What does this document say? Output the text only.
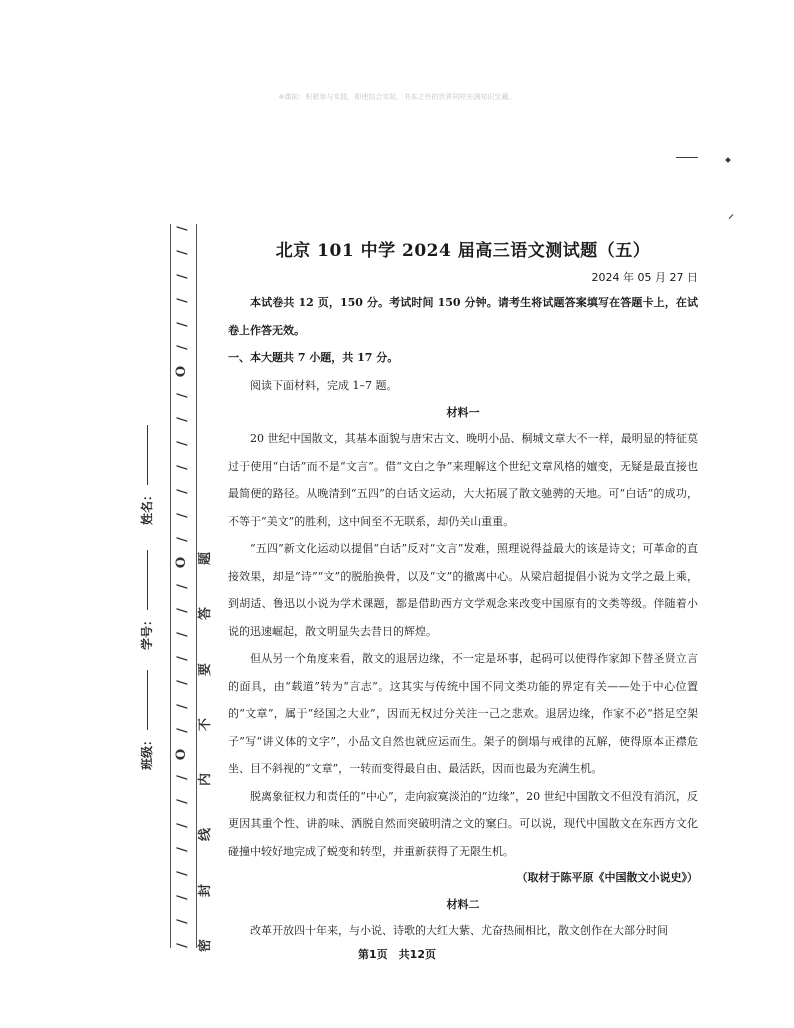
※课前：积极参与实践，即使结合实际，书本之外的世界同样充满知识宝藏。
/
/
/
/
/
/
O
/
/
/
/
/
/
/
O
/
/
/
/
/
/
/
O
/
/
/
/
/
/
/
/
题
答
要
不
内
线
封
密
班级：
学号：
姓名：
北京 101 中学 2024 届高三语文测试题（五）
2024 年 05 月 27 日

本试卷共 12 页，150 分。考试时间 150 分钟。请考生将试题答案填写在答题卡上，在试卷上作答无效。

一、本大题共 7 小题，共 17 分。

阅读下面材料，完成 1–7 题。

材料一

20 世纪中国散文，其基本面貌与唐宋古文、晚明小品、桐城文章大不一样，最明显的特征莫过于使用“白话”而不是“文言”。借“文白之争”来理解这个世纪文章风格的嬗变，无疑是最直接也最简便的路径。从晚清到“五四”的白话文运动，大大拓展了散文驰骋的天地。可“白话”的成功，不等于“美文”的胜利，这中间至不无联系，却仍关山重重。

“五四”新文化运动以提倡“白话”反对“文言”发难，照理说得益最大的该是诗文；可革命的直接效果，却是“诗”“文”的脱胎换骨，以及“文”的撤离中心。从梁启超提倡小说为文学之最上乘，到胡适、鲁迅以小说为学术课题，都是借助西方文学观念来改变中国原有的文类等级。伴随着小说的迅速崛起，散文明显失去昔日的辉煌。

但从另一个角度来看，散文的退居边缘，不一定是坏事，起码可以使得作家卸下替圣贤立言的面具，由“载道”转为“言志”。这其实与传统中国不同文类功能的界定有关——处于中心位置的“文章”，属于“经国之大业”，因而无权过分关注一己之悲欢。退居边缘，作家不必“搭足空架子”写“讲义体的文字”，小品文自然也就应运而生。架子的倒塌与戒律的瓦解，使得原本正襟危坐、目不斜视的“文章”，一转而变得最自由、最活跃，因而也最为充满生机。

脱离象征权力和责任的“中心”，走向寂寞淡泊的“边缘”，20 世纪中国散文不但没有消沉，反更因其重个性、讲韵味、洒脱自然而突破明清之文的窠臼。可以说，现代中国散文在东西方文化碰撞中较好地完成了蜕变和转型，并重新获得了无限生机。

（取材于陈平原《中国散文小说史》）
材料二

改革开放四十年来，与小说、诗歌的大红大紫、尤奋热闹相比，散文创作在大部分时间

第1页　共12页
